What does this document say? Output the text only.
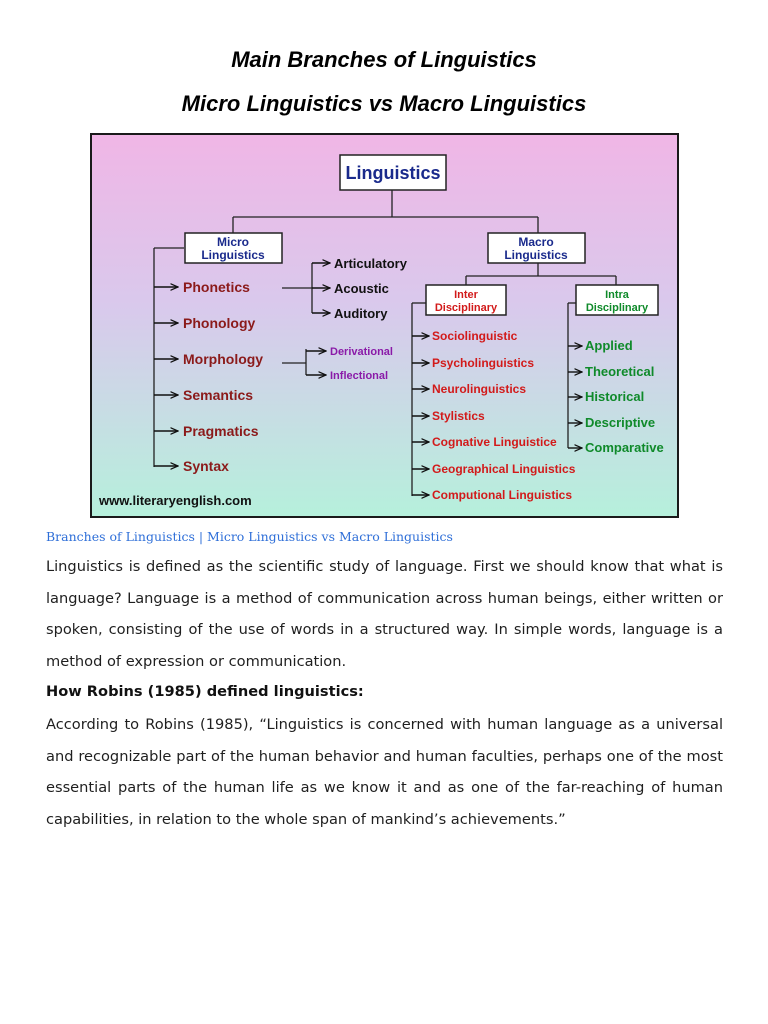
Main Branches of Linguistics
Micro Linguistics vs Macro Linguistics
Linguistics
Micro
Linguistics
Macro
Linguistics
Inter
Disciplinary
Intra
Disciplinary
Phonetics
Phonology
Morphology
Semantics
Pragmatics
Syntax
Articulatory
Acoustic
Auditory
Derivational
Inflectional
Sociolinguistic
Psycholinguistics
Neurolinguistics
Stylistics
Cognative Linguistice
Geographical Linguistics
Computional Linguistics
Applied
Theoretical
Historical
Descriptive
Comparative
www.literaryenglish.com
Branches of Linguistics | Micro Linguistics vs Macro Linguistics

Linguistics is defined as the scientific study of language. First we should know that what is language? Language is a method of communication across human beings, either written or spoken, consisting of the use of words in a structured way. In simple words, language is a method of expression or communication.

How Robins (1985) defined linguistics:

According to Robins (1985), “Linguistics is concerned with human language as a universal and recognizable part of the human behavior and human faculties, perhaps one of the most essential parts of the human life as we know it and as one of the far-reaching of human capabilities, in relation to the whole span of mankind’s achievements.”
